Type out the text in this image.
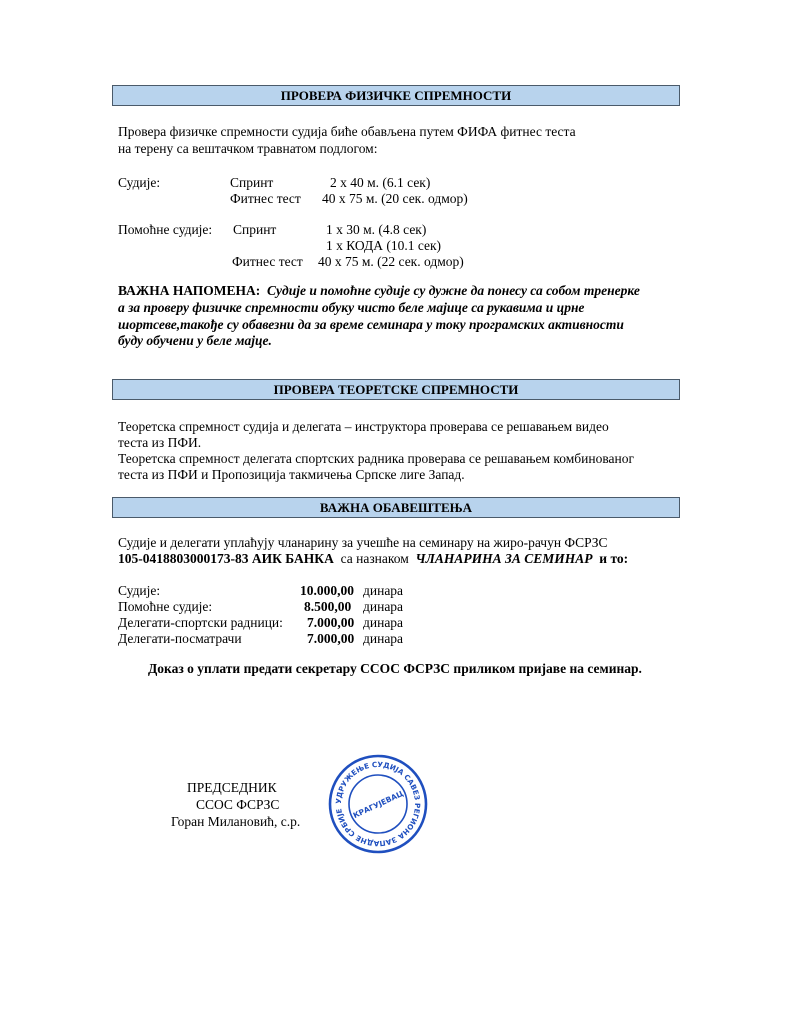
ПРОВЕРА ФИЗИЧКЕ СПРЕМНОСТИ
Провера физичке спремности судија биће обављена путем ФИФА фитнес теста
на терену са вештачком травнатом подлогом:
Судије:	Спринт	2 x 40 м. (6.1 сек)
Фитнес тест 40 x 75 м. (20 сек. одмор)
Помоћне судије: Спринт	1 x 30 м. (4.8 сек)
1 x КОДА (10.1 сек)
Фитнес тест 40 x 75 м. (22 сек. одмор)
ВАЖНА НАПОМЕНА:  Судије и помоћне судије су дужне да понесу са собом тренерке
а за проверу физичке спремности обуку чисто беле мајице са рукавима и црне
шортсеве,такође су обавезни да за време семинара у току програмских активности
буду обучени у беле мајце.
ПРОВЕРА ТЕОРЕТСКЕ СПРЕМНОСТИ
Теоретска спремност судија и делегата – инструктора проверава се решавањем видео
теста из ПФИ.
Теоретска спремност делегата спортских радника проверава се решавањем комбинованог
теста из ПФИ и Пропозиција такмичења Српске лиге Запад.
ВАЖНА ОБАВЕШТЕЊА
Судије и делегати уплаћују чланарину за учешће на семинару на жиро-рачун ФСРЗС
105-0418803000173-83 АИК БАНКА са назнаком ЧЛАНАРИНА ЗА СЕМИНАР и то:
Судије:	10.000,00 динара
Помоћне судије:	8.500,00 динара
Делегати-спортски радници: 7.000,00 динара
Делегати-посматрачи	7.000,00 динара
Доказ о уплати предати секретару ССОС ФСРЗС приликом пријаве на семинар.
ПРЕДСЕДНИК
ССОС ФСРЗС
Горан Милановић, с.р.
УДРУЖЕЊЕ СУДИЈА САВЕЗ РЕГИОНА ЗАПАДНЕ СРБИЈЕ	КРАГУЈЕВАЦ
